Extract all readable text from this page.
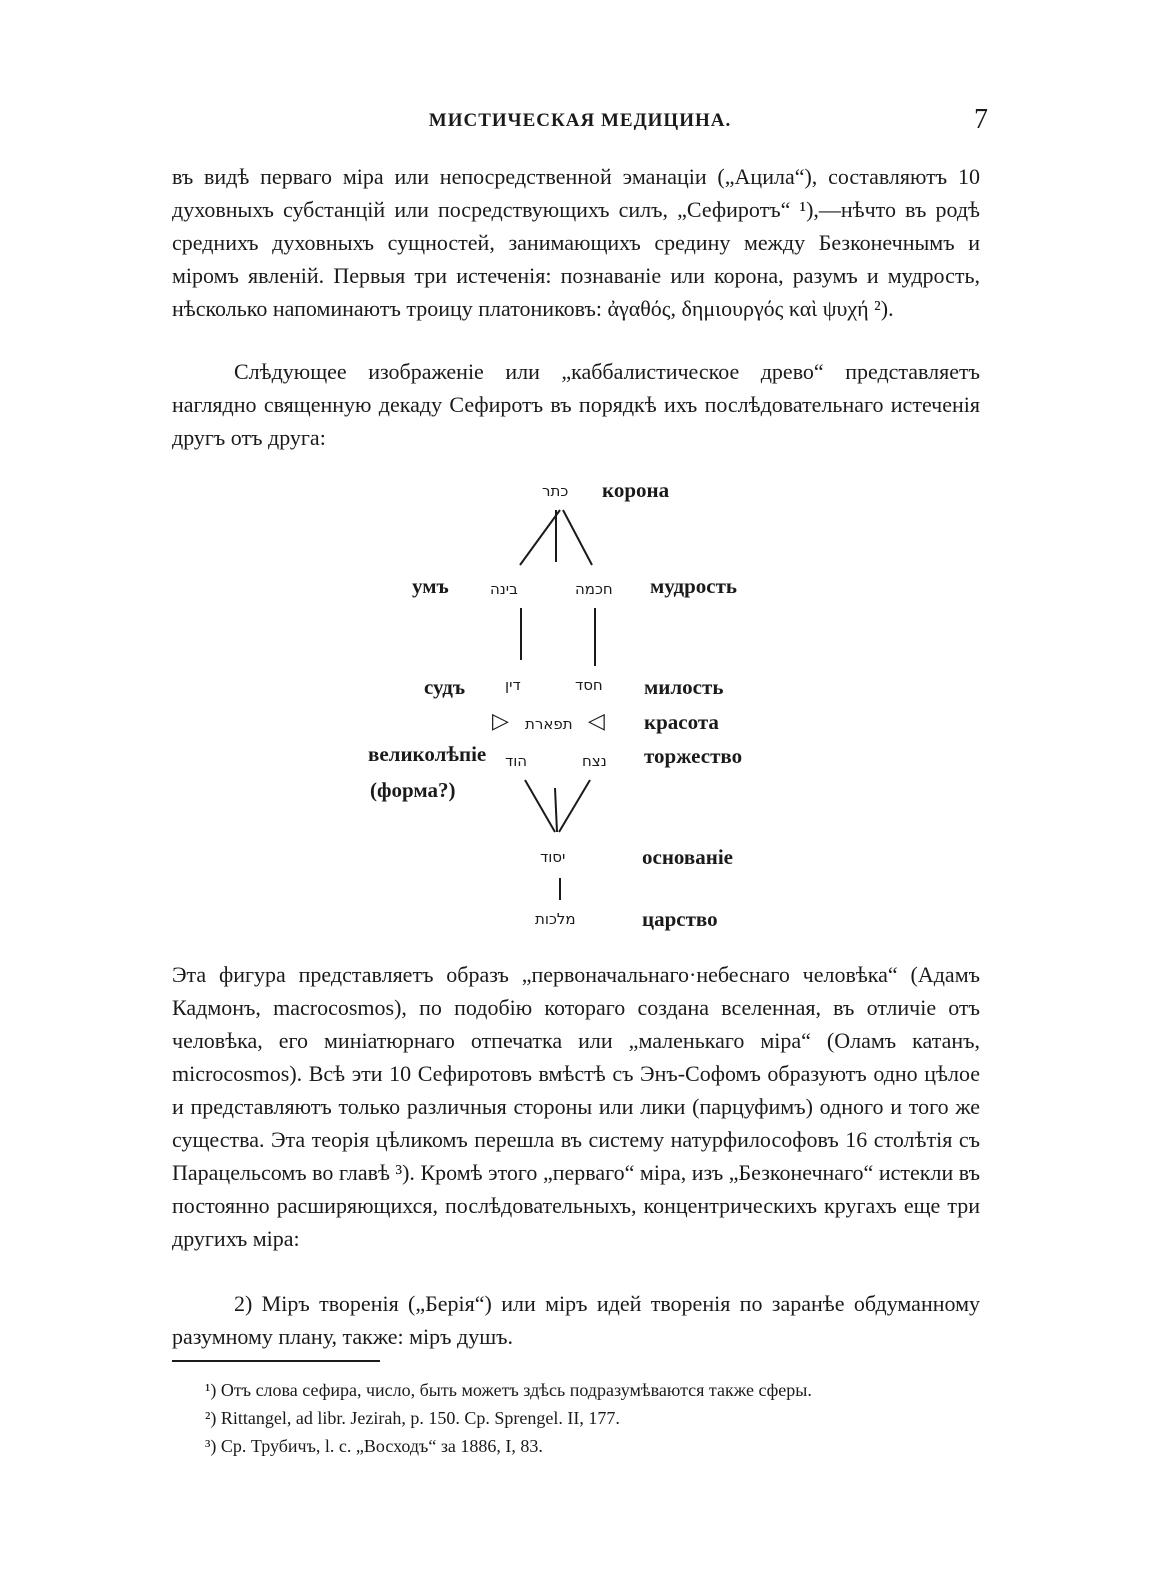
МИСТИЧЕСКАЯ МЕДИЦИНА.	7

въ видѣ перваго міра или непосредственной эманаціи („Ацила“), составляютъ 10 духовныхъ субстанцій или посредствующихъ силъ, „Сефиротъ“ ¹),—нѣчто въ родѣ среднихъ духовныхъ сущностей, занимающихъ средину между Безконечнымъ и міромъ явленій. Первыя три истеченія: познаваніе или корона, разумъ и мудрость, нѣсколько напоминаютъ троицу платониковъ: ἀγαθός, δημιουργός καὶ ψυχή ²).

Слѣдующее изображеніе или „каббалистическое древо“ представляетъ наглядно священную декаду Сефиротъ въ порядкѣ ихъ послѣдовательнаго истеченія другъ отъ друга:

כתר корона
умъ	בינה	חכמה мудрость
судъ	דין	חסד милость
▷ תפארת ◁ красота
великолѣпіе הוד	נצח торжество
(форма?)
יסוד	основаніе
מלכות	царство

Эта фигура представляетъ образъ „первоначальнаго·небеснаго человѣка“ (Адамъ Кадмонъ, macrocosmos), по подобію котораго создана вселенная, въ отличіе отъ человѣка, его миніатюрнаго отпечатка или „маленькаго міра“ (Оламъ катанъ, microcosmos). Всѣ эти 10 Сефиротовъ вмѣстѣ съ Энъ-Софомъ образуютъ одно цѣлое и представляютъ только различныя стороны или лики (парцуфимъ) одного и того же существа. Эта теорія цѣликомъ перешла въ систему натурфилософовъ 16 столѣтія съ Парацельсомъ во главѣ ³). Кромѣ этого „перваго“ міра, изъ „Безконечнаго“ истекли въ постоянно расширяющихся, послѣдовательныхъ, концентрическихъ кругахъ еще три другихъ міра:

2) Міръ творенія („Берія“) или міръ идей творенія по заранѣе обдуманному разумному плану, также: міръ душъ.

¹) Отъ слова сефира, число, быть можетъ здѣсь подразумѣваются также сферы.

²) Rittangel, ad libr. Jezirah, p. 150. Cp. Sprengel. II, 177.

³) Ср. Трубичъ, l. c. „Восходъ“ за 1886, I, 83.
